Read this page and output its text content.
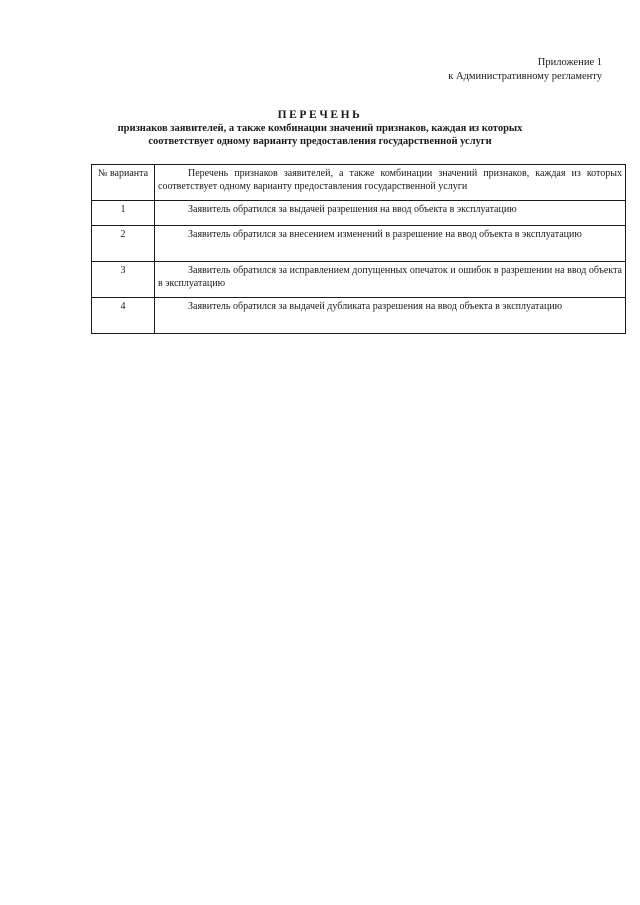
Приложение 1
к Административному регламенту

ПЕРЕЧЕНЬ

признаков заявителей, а также комбинации значений признаков, каждая из которых соответствует одному варианту предоставления государственной услуги

№ варианта	Перечень признаков заявителей, а также комбинации значений признаков, каждая из которых соответствует одному варианту предоставления государственной услуги
1	Заявитель обратился за выдачей разрешения на ввод объекта в эксплуатацию
2	Заявитель обратился за внесением изменений в разрешение на ввод объекта в эксплуатацию
3	Заявитель обратился за исправлением допущенных опечаток и ошибок в разрешении на ввод объекта в эксплуатацию
4	Заявитель обратился за выдачей дубликата разрешения на ввод объекта в эксплуатацию
